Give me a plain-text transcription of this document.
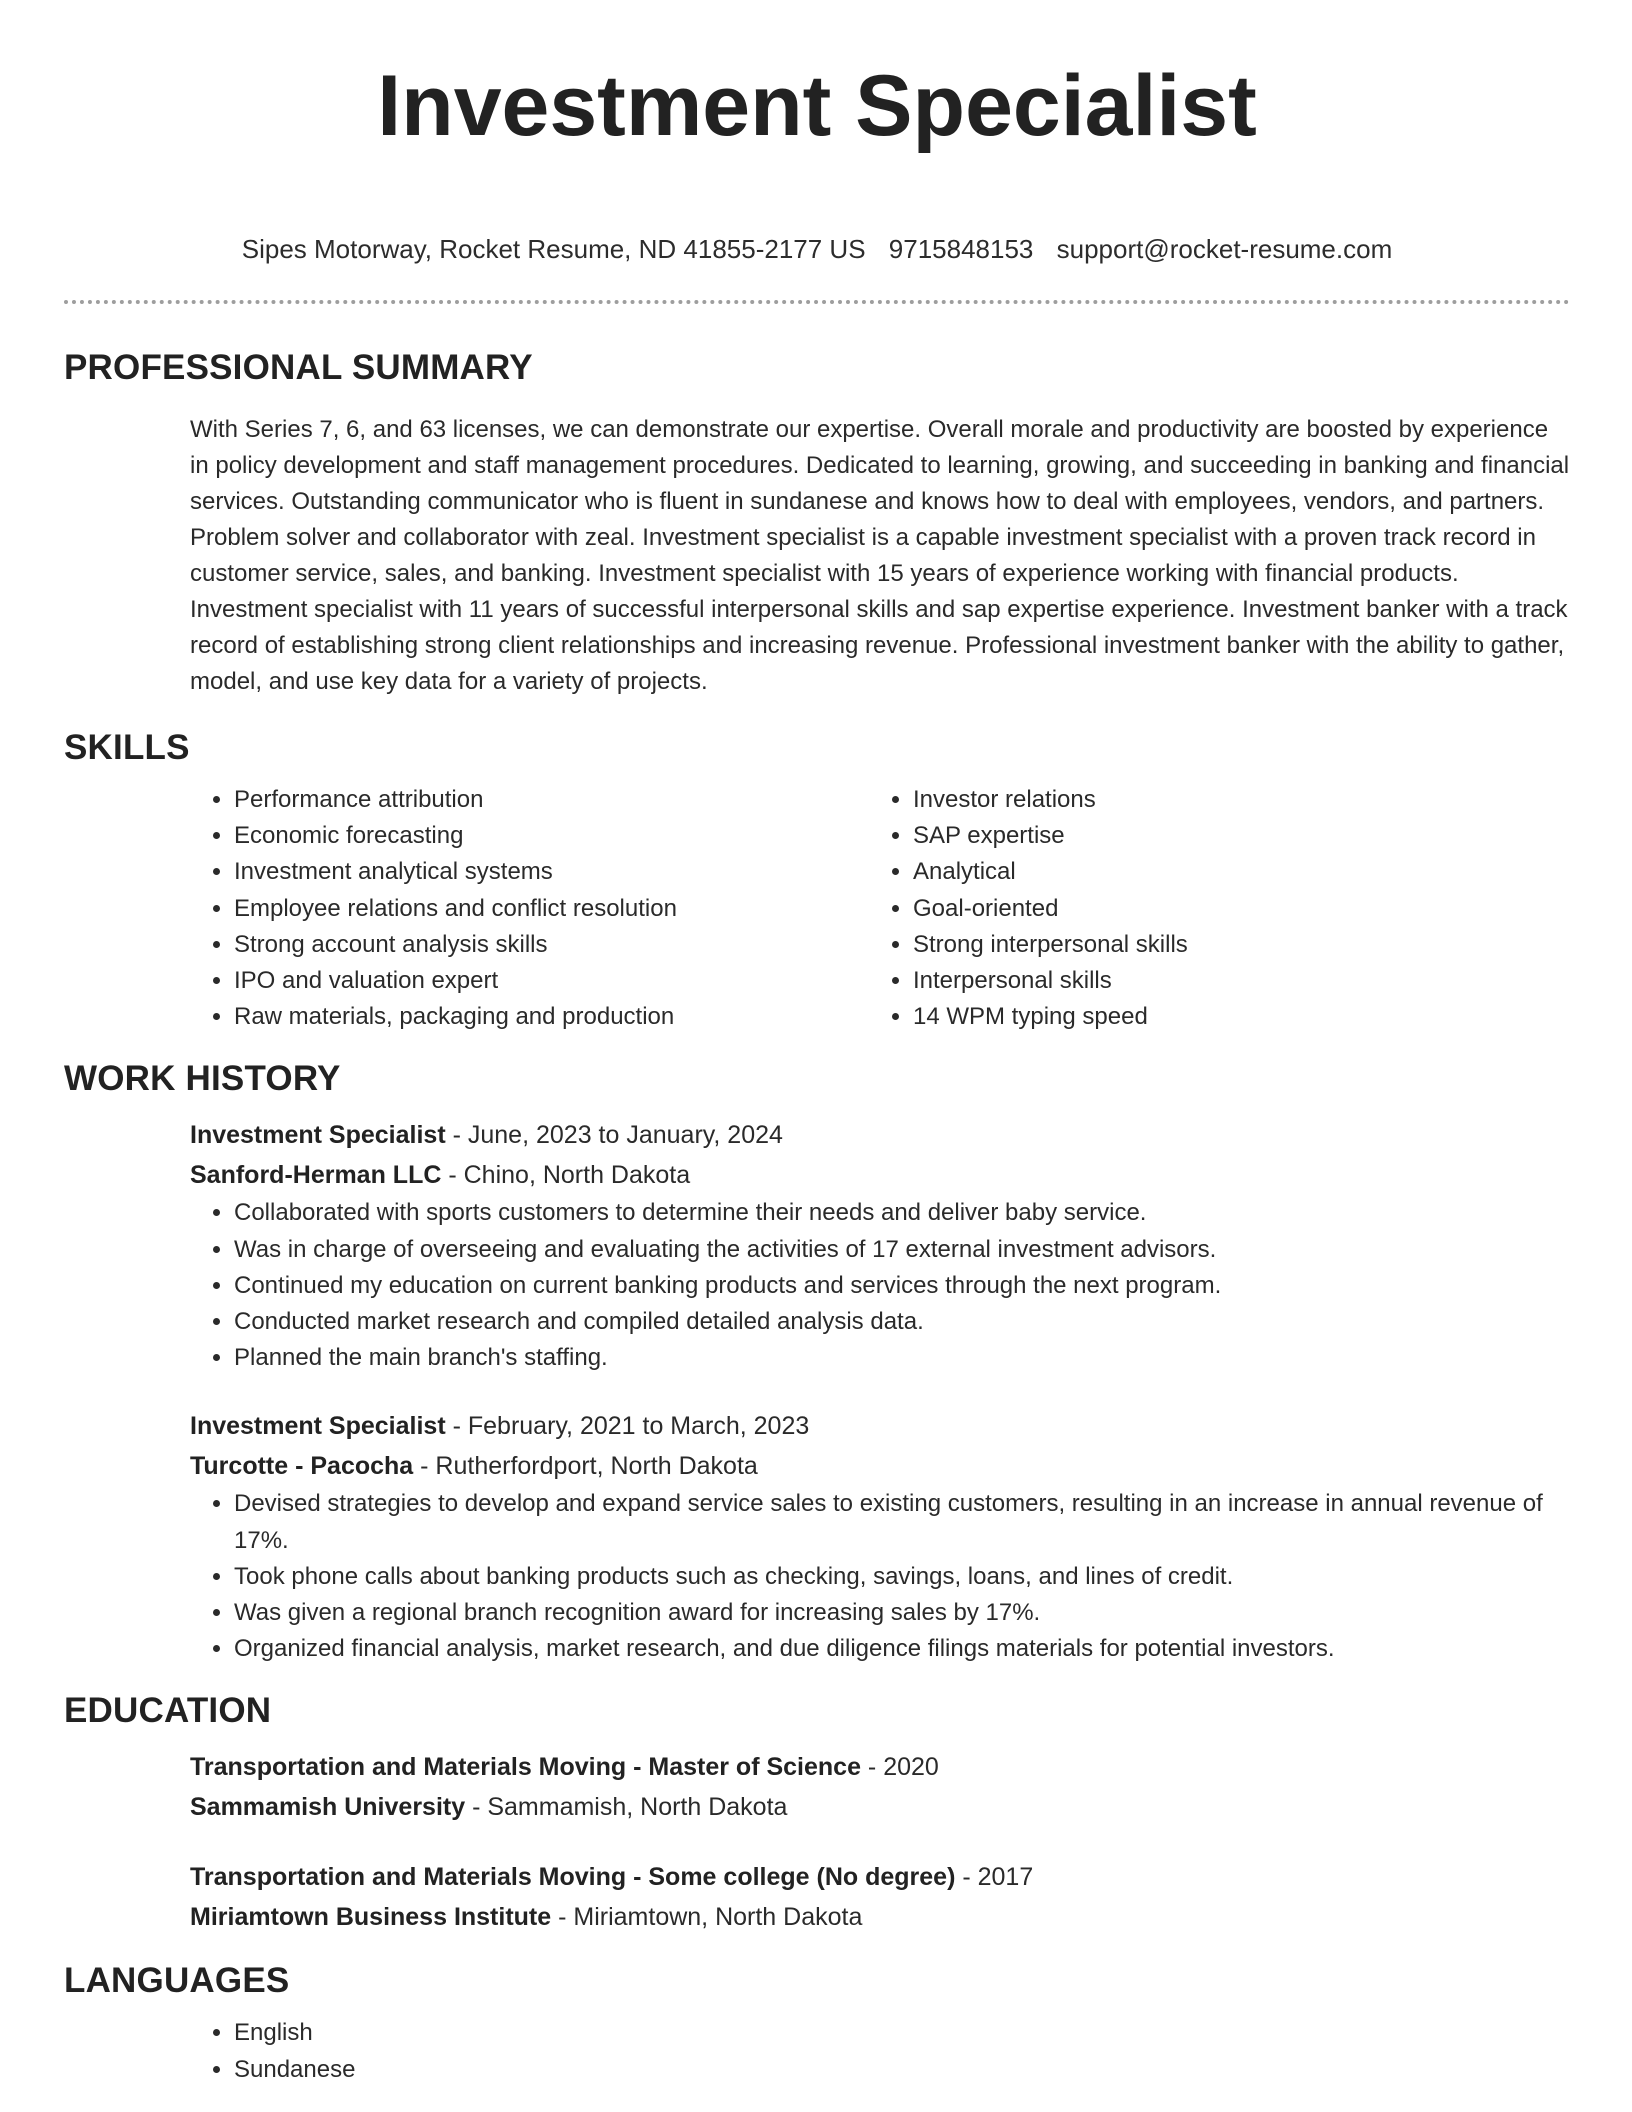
Investment Specialist
Sipes Motorway, Rocket Resume, ND 41855-2177 US 9715848153 support@rocket-resume.com
PROFESSIONAL SUMMARY
With Series 7, 6, and 63 licenses, we can demonstrate our expertise. Overall morale and productivity are boosted by experience in policy development and staff management procedures. Dedicated to learning, growing, and succeeding in banking and financial services. Outstanding communicator who is fluent in sundanese and knows how to deal with employees, vendors, and partners. Problem solver and collaborator with zeal. Investment specialist is a capable investment specialist with a proven track record in customer service, sales, and banking. Investment specialist with 15 years of experience working with financial products. Investment specialist with 11 years of successful interpersonal skills and sap expertise experience. Investment banker with a track record of establishing strong client relationships and increasing revenue. Professional investment banker with the ability to gather, model, and use key data for a variety of projects.
SKILLS
• Performance attribution
• Economic forecasting
• Investment analytical systems
• Employee relations and conflict resolution
• Strong account analysis skills
• IPO and valuation expert
• Raw materials, packaging and production
• Investor relations
• SAP expertise
• Analytical
• Goal-oriented
• Strong interpersonal skills
• Interpersonal skills
• 14 WPM typing speed
WORK HISTORY
Investment Specialist - June, 2023 to January, 2024
Sanford-Herman LLC - Chino, North Dakota
• Collaborated with sports customers to determine their needs and deliver baby service.
• Was in charge of overseeing and evaluating the activities of 17 external investment advisors.
• Continued my education on current banking products and services through the next program.
• Conducted market research and compiled detailed analysis data.
• Planned the main branch's staffing.
Investment Specialist - February, 2021 to March, 2023
Turcotte - Pacocha - Rutherfordport, North Dakota
• Devised strategies to develop and expand service sales to existing customers, resulting in an increase in annual revenue of 17%.
• Took phone calls about banking products such as checking, savings, loans, and lines of credit.
• Was given a regional branch recognition award for increasing sales by 17%.
• Organized financial analysis, market research, and due diligence filings materials for potential investors.
EDUCATION
Transportation and Materials Moving - Master of Science - 2020
Sammamish University - Sammamish, North Dakota
Transportation and Materials Moving - Some college (No degree) - 2017
Miriamtown Business Institute - Miriamtown, North Dakota
LANGUAGES
• English
• Sundanese
